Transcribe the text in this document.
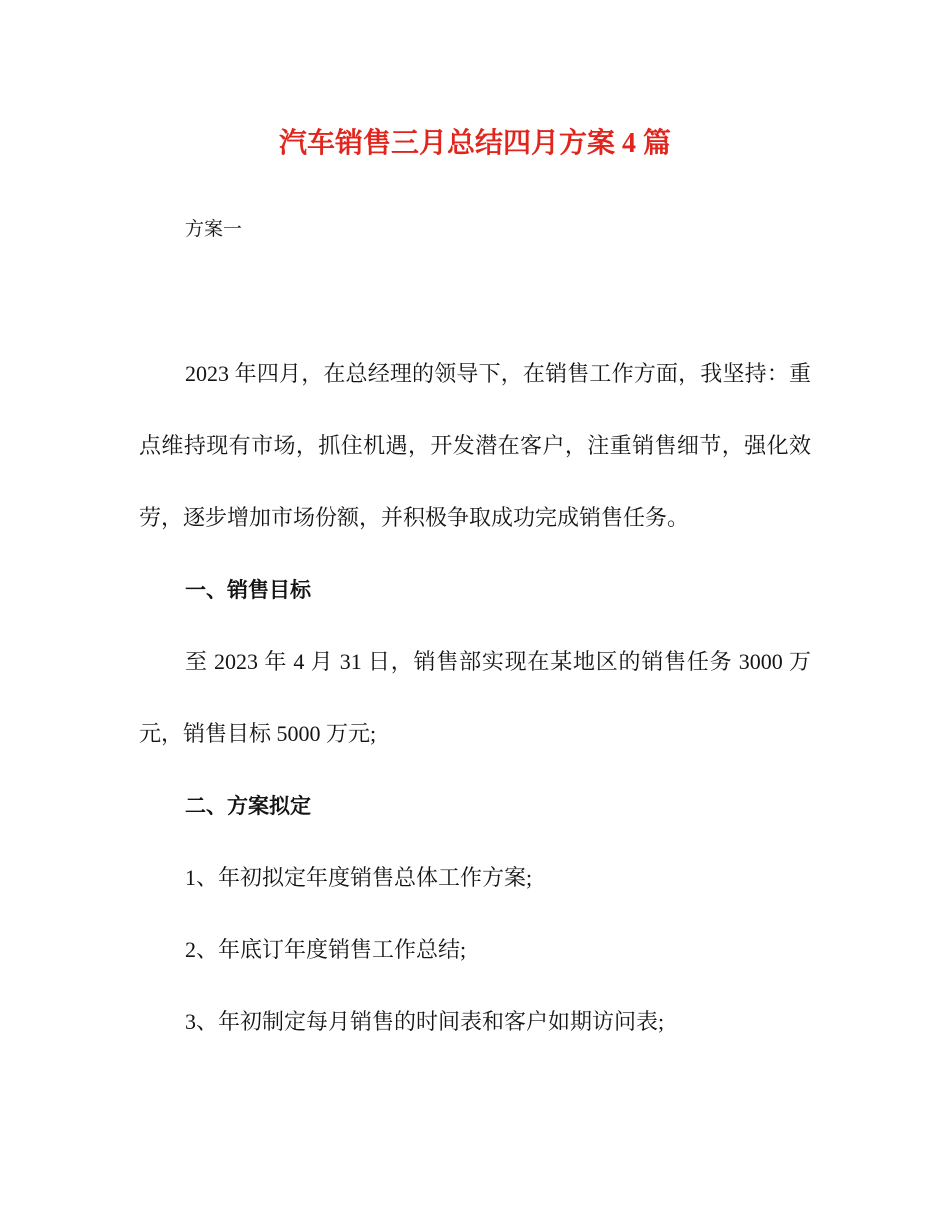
汽车销售三月总结四月方案 4 篇

方案一

2023 年四月，在总经理的领导下，在销售工作方面，我坚持：重

点维持现有市场，抓住机遇，开发潜在客户，注重销售细节，强化效

劳，逐步增加市场份额，并积极争取成功完成销售任务。

一、销售目标

至 2023 年 4 月 31 日，销售部实现在某地区的销售任务 3000 万

元，销售目标 5000 万元;

二、方案拟定

1、年初拟定年度销售总体工作方案;

2、年底订年度销售工作总结;

3、年初制定每月销售的时间表和客户如期访问表;
